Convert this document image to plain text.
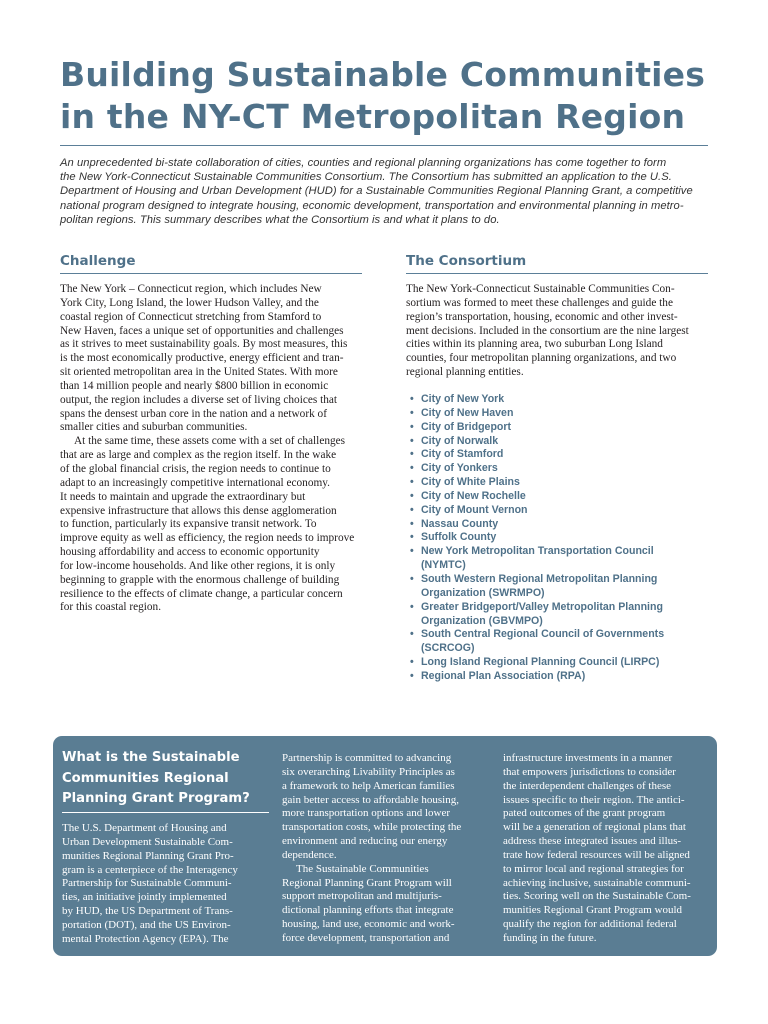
Building Sustainable Communities
in the NY-CT Metropolitan Region

An unprecedented bi-state collaboration of cities, counties and regional planning organizations has come together to form
the New York-Connecticut Sustainable Communities Consortium. The Consortium has submitted an application to the U.S.
Department of Housing and Urban Development (HUD) for a Sustainable Communities Regional Planning Grant, a competitive
national program designed to integrate housing, economic development, transportation and environmental planning in metro-
politan regions. This summary describes what the Consortium is and what it plans to do.

Challenge
The New York – Connecticut region, which includes New
York City, Long Island, the lower Hudson Valley, and the
coastal region of Connecticut stretching from Stamford to
New Haven, faces a unique set of opportunities and challenges
as it strives to meet sustainability goals. By most measures, this
is the most economically productive, energy efficient and tran-
sit oriented metropolitan area in the United States. With more
than 14 million people and nearly $800 billion in economic
output, the region includes a diverse set of living choices that
spans the densest urban core in the nation and a network of
smaller cities and suburban communities.
At the same time, these assets come with a set of challenges
that are as large and complex as the region itself. In the wake
of the global financial crisis, the region needs to continue to
adapt to an increasingly competitive international economy.
It needs to maintain and upgrade the extraordinary but
expensive infrastructure that allows this dense agglomeration
to function, particularly its expansive transit network. To
improve equity as well as efficiency, the region needs to improve
housing affordability and access to economic opportunity
for low-income households. And like other regions, it is only
beginning to grapple with the enormous challenge of building
resilience to the effects of climate change, a particular concern
for this coastal region.
The Consortium
The New York-Connecticut Sustainable Communities Con-
sortium was formed to meet these challenges and guide the
region’s transportation, housing, economic and other invest-
ment decisions. Included in the consortium are the nine largest
cities within its planning area, two suburban Long Island
counties, four metropolitan planning organizations, and two
regional planning entities.
• City of New York
• City of New Haven
• City of Bridgeport
• City of Norwalk
• City of Stamford
• City of Yonkers
• City of White Plains
• City of New Rochelle
• City of Mount Vernon
• Nassau County
• Suffolk County
• New York Metropolitan Transportation Council
(NYMTC)
• South Western Regional Metropolitan Planning
Organization (SWRMPO)
• Greater Bridgeport/Valley Metropolitan Planning
Organization (GBVMPO)
• South Central Regional Council of Governments
(SCRCOG)
• Long Island Regional Planning Council (LIRPC)
• Regional Plan Association (RPA)
What is the Sustainable
Communities Regional
Planning Grant Program?
The U.S. Department of Housing and
Urban Development Sustainable Com-
munities Regional Planning Grant Pro-
gram is a centerpiece of the Interagency
Partnership for Sustainable Communi-
ties, an initiative jointly implemented
by HUD, the US Department of Trans-
portation (DOT), and the US Environ-
mental Protection Agency (EPA). The
Partnership is committed to advancing
six overarching Livability Principles as
a framework to help American families
gain better access to affordable housing,
more transportation options and lower
transportation costs, while protecting the
environment and reducing our energy
dependence.
The Sustainable Communities
Regional Planning Grant Program will
support metropolitan and multijuris-
dictional planning efforts that integrate
housing, land use, economic and work-
force development, transportation and
infrastructure investments in a manner
that empowers jurisdictions to consider
the interdependent challenges of these
issues specific to their region. The antici-
pated outcomes of the grant program
will be a generation of regional plans that
address these integrated issues and illus-
trate how federal resources will be aligned
to mirror local and regional strategies for
achieving inclusive, sustainable communi-
ties. Scoring well on the Sustainable Com-
munities Regional Grant Program would
qualify the region for additional federal
funding in the future.
